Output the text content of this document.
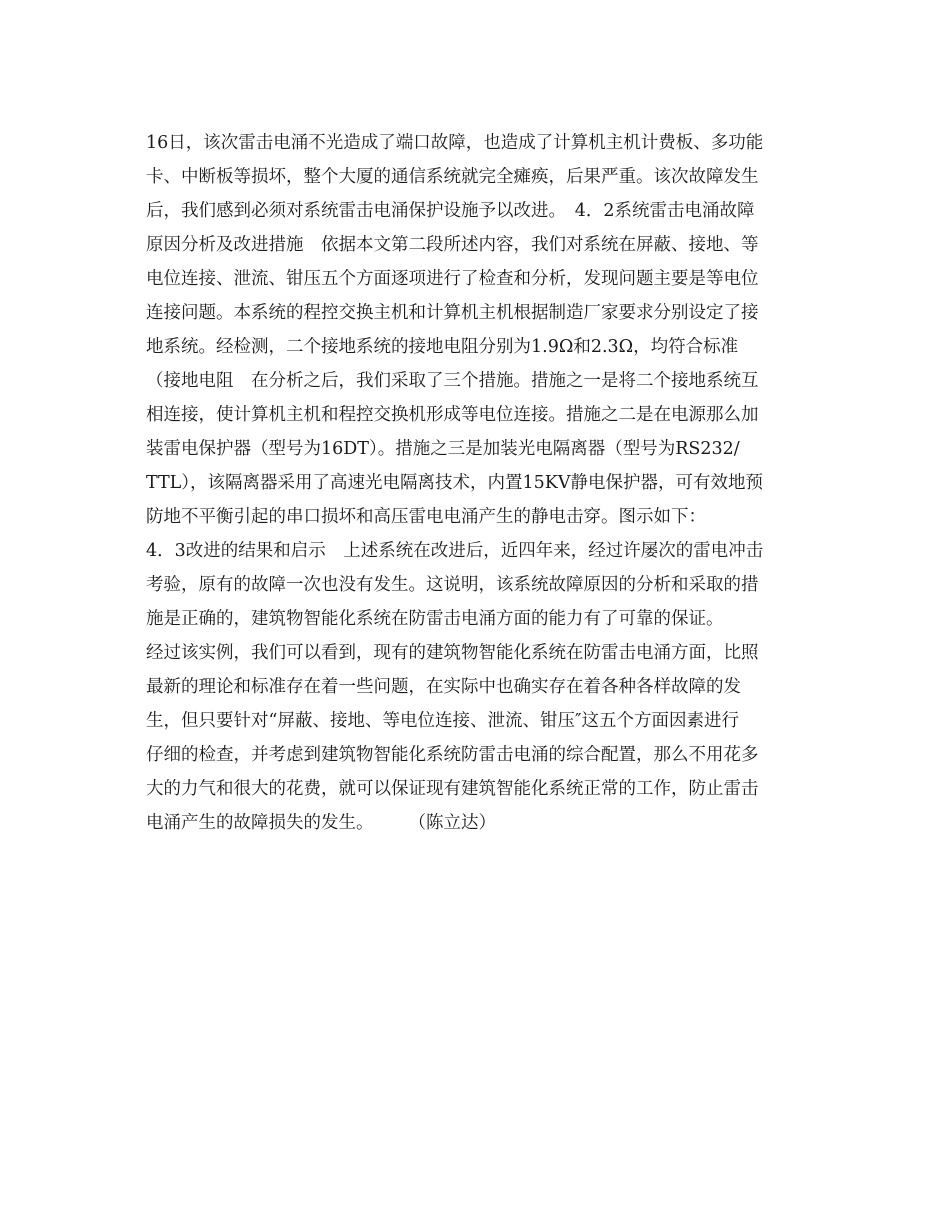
16日，该次雷击电涌不光造成了端口故障，也造成了计算机主机计费板、多功能
卡、中断板等损坏，整个大厦的通信系统就完全瘫痪，后果严重。该次故障发生
后，我们感到必须对系统雷击电涌保护设施予以改进。　4．2系统雷击电涌故障
原因分析及改进措施　依据本文第二段所述内容，我们对系统在屏蔽、接地、等
电位连接、泄流、钳压五个方面逐项进行了检查和分析，发现问题主要是等电位
连接问题。本系统的程控交换主机和计算机主机根据制造厂家要求分别设定了接
地系统。经检测，二个接地系统的接地电阻分别为1.9Ω和2.3Ω，均符合标准
（接地电阻　在分析之后，我们采取了三个措施。措施之一是将二个接地系统互
相连接，使计算机主机和程控交换机形成等电位连接。措施之二是在电源那么加
装雷电保护器（型号为16DT）。措施之三是加装光电隔离器（型号为RS232/
TTL），该隔离器采用了高速光电隔离技术，内置15KV静电保护器，可有效地预
防地不平衡引起的串口损坏和高压雷电电涌产生的静电击穿。图示如下：
4．3改进的结果和启示　上述系统在改进后，近四年来，经过许屡次的雷电冲击
考验，原有的故障一次也没有发生。这说明，该系统故障原因的分析和采取的措
施是正确的，建筑物智能化系统在防雷击电涌方面的能力有了可靠的保证。
经过该实例，我们可以看到，现有的建筑物智能化系统在防雷击电涌方面，比照
最新的理论和标准存在着一些问题，在实际中也确实存在着各种各样故障的发
生，但只要针对“屏蔽、接地、等电位连接、泄流、钳压″这五个方面因素进行
仔细的检查，并考虑到建筑物智能化系统防雷击电涌的综合配置，那么不用花多
大的力气和很大的花费，就可以保证现有建筑智能化系统正常的工作，防止雷击
电涌产生的故障损失的发生。　　　（陈立达）
